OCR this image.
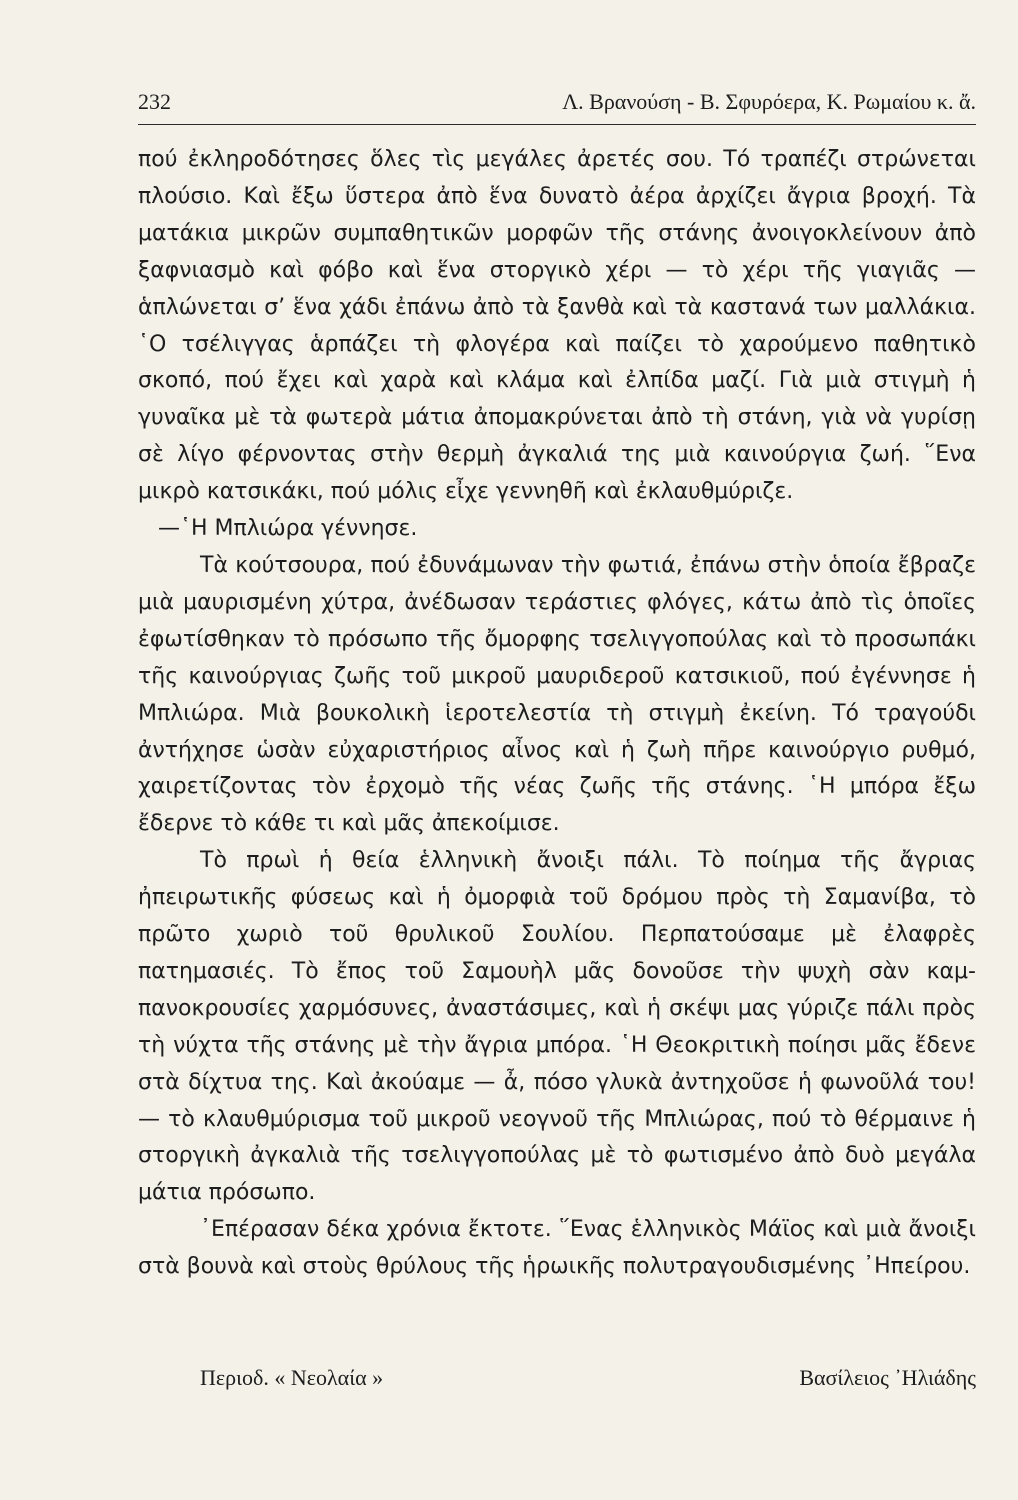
232	Λ. Βρανούση - Β. Σφυρόερα, Κ. Ρωμαίου κ. ἄ.

πού ἐκληροδότησες ὅλες τὶς μεγάλες ἀρετές σου. Τό τραπέζι στρώνεται πλούσιο. Καὶ ἔξω ὕστερα ἀπὸ ἕνα δυνατὸ ἀέρα ἀρχίζει ἄγρια βροχή. Τὰ ματάκια μικρῶν συμπαθητικῶν μορφῶν τῆς στάνης ἀνοιγοκλείνουν ἀπὸ ξαφνιασμὸ καὶ φόβο καὶ ἕνα στοργικὸ χέρι — τὸ χέρι τῆς γιαγιᾶς — ἁπλώνεται σ’ ἕνα χάδι ἐπάνω ἀπὸ τὰ ξανθὰ καὶ τὰ καστανά των μαλλάκια. ῾Ο τσέλιγγας ἁρπάζει τὴ φλογέρα καὶ παίζει τὸ χαρούμενο παθητικὸ σκοπό, πού ἔχει καὶ χαρὰ καὶ κλάμα καὶ ἐλπίδα μαζί. Γιὰ μιὰ στιγμὴ ἡ γυναῖκα μὲ τὰ φωτερὰ μάτια ἀπομακρύνεται ἀπὸ τὴ στάνη, γιὰ νὰ γυρίσῃ σὲ λίγο φέρνοντας στὴν θερμὴ ἀγκαλιά της μιὰ καινούργια ζωή. ῞Ενα μικρὸ κατσικάκι, πού μόλις εἶχε γεννηθῆ καὶ ἐκλαυθμύριζε.

—῾Η Μπλιώρα γέννησε.

Τὰ κούτσουρα, πού ἐδυνάμωναν τὴν φωτιά, ἐπάνω στὴν ὁποία ἔβραζε μιὰ μαυρισμένη χύτρα, ἀνέδωσαν τεράστιες φλόγες, κάτω ἀπὸ τὶς ὁποῖες ἐφωτίσθηκαν τὸ πρόσωπο τῆς ὄμορφης τσελιγγοπούλας καὶ τὸ προσωπάκι τῆς καινούργιας ζωῆς τοῦ μικροῦ μαυριδεροῦ κατσικιοῦ, πού ἐγέννησε ἡ Μπλιώρα. Μιὰ βουκολικὴ ἱεροτελεστία τὴ στιγμὴ ἐκείνη. Τό τραγούδι ἀντήχησε ὡσὰν εὐχαριστήριος αἶνος καὶ ἡ ζωὴ πῆρε καινούργιο ρυθμό, χαιρετίζοντας τὸν ἐρχομὸ τῆς νέας ζωῆς τῆς στάνης. ῾Η μπόρα ἔξω ἔδερνε τὸ κάθε τι καὶ μᾶς ἀπεκοίμισε.

Τὸ πρωὶ ἡ θεία ἑλληνικὴ ἄνοιξι πάλι. Τὸ ποίημα τῆς ἄγριας ἠπειρωτικῆς φύσεως καὶ ἡ ὀμορφιὰ τοῦ δρόμου πρὸς τὴ Σαμανίβα, τὸ πρῶτο χωριὸ τοῦ θρυλικοῦ Σουλίου. Περπατούσαμε μὲ ἐλαφρὲς πατημασιές. Τὸ ἔπος τοῦ Σαμουὴλ μᾶς δονοῦσε τὴν ψυχὴ σὰν καμπανοκρουσίες χαρμόσυνες, ἀναστάσιμες, καὶ ἡ σκέψι μας γύριζε πάλι πρὸς τὴ νύχτα τῆς στάνης μὲ τὴν ἄγρια μπόρα. ῾Η Θεοκριτικὴ ποίησι μᾶς ἔδενε στὰ δίχτυα της. Καὶ ἀκούαμε — ἆ, πόσο γλυκὰ ἀντηχοῦσε ἡ φωνοῦλά του! — τὸ κλαυθμύρισμα τοῦ μικροῦ νεογνοῦ τῆς Μπλιώρας, πού τὸ θέρμαινε ἡ στοργικὴ ἀγκαλιὰ τῆς τσελιγγοπούλας μὲ τὸ φωτισμένο ἀπὸ δυὸ μεγάλα μάτια πρόσωπο.

᾿Επέρασαν δέκα χρόνια ἔκτοτε. ῞Ενας ἑλληνικὸς Μάϊος καὶ μιὰ ἄνοιξι στὰ βουνὰ καὶ στοὺς θρύλους τῆς ἡρωικῆς πολυτραγουδισμένης ᾿Ηπείρου.

Περιοδ. « Νεολαία »	Βασίλειος ᾿Ηλιάδης
